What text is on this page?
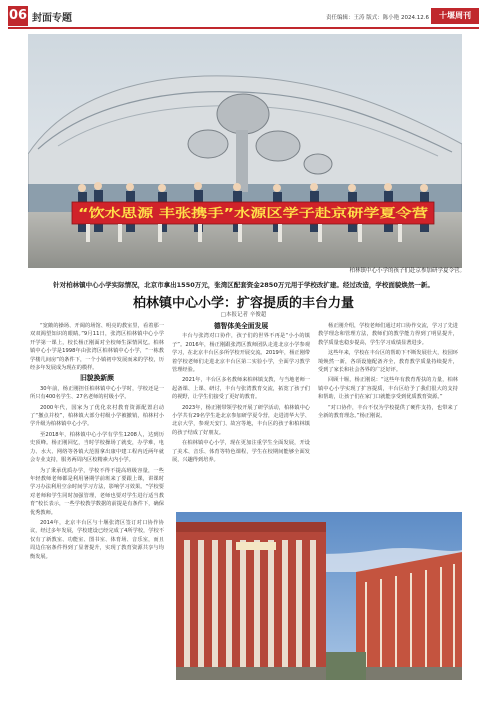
06 封面专题	责任编辑：王涛 版式：陈小艳 2024.12.6	十堰周刊
“饮水思源 丰张携手”水源区学子赴京研学夏令营
柏林镇中心小学的孩子们赴京参加研学夏令营。
针对柏林镇中心小学实际情况，北京市拿出1550万元，张湾区配套资金2850万元用于学校改扩建。经过改造，学校面貌焕然一新。
柏林镇中心小学：扩容提质的丰台力量
□本报记者 辛俊超

“宽敞的操场、开阔的场馆、明亮的教室里，看着那一双双渴望知识的眼睛。”9月11日，张湾区柏林镇中心小学开学第一课上，校长杨正刚面对全校师生深情回忆。柏林镇中心小学是1998年由张湾区柏林镇中心小学，“一栋教学楼几间房”的条件下，一个小镇初中发展而来的学校，历经多年发展成为现在的模样。

旧貌换新颜

30年前，杨正刚担任柏林镇中心小学时，学校还是一所只有400名学生、27名老师的村级小学。

2000年代，国家为了优化农村教育资源配置启动了“撤点并校”，柏林镇大部分村级小学被撤销，柏林村小学升级为柏林镇中心小学。

至2018年，柏林镇中心小学有学生1208人，达到历史顶峰。杨正刚回忆，当时学校操场了就变，办学难，电力、水大、网络等各镇大范围拿出康中建工程内近两年就会专业支持，服务两周内区校精素大内小学。

为了秉承优质办学，学校不得不提高班级容量，一些年轻教师老师都是利用暑期学前班来了要跟上课，讲课时学习办法利用空余时间学习方法，影响学习效果。“学校要对老师和学生同时加强管理，老师也要对学生进行适当教育”校长表示，一些学校教学数据的前提是有条件下，确保优秀教师。

2014年，北京丰台区与十堰张湾区签订对口协作协议，经过多年发展，学校建设已经完成了4所学校，学校不仅有了新教室、功能室、图书室、体育场、音乐室，而且周边住宿条件得到了显著提升，实现了教育资源共享与均衡发展。

德智体美全面发展

丰台与张湾对口协作，孩子们的世界不再是“小小的镇子”。2016年，杨正刚跟张湾区教师团队走进北京小学参观学习，在北京丰台区多所学校开展交流。2019年，杨正刚带着学校老师们走进北京丰台区第二实验小学，全面学习教学管理经验。

2021年，丰台区多名教师来柏林镇支教，与当地老师一起备课、上课、研讨，丰台与张湾教育交流，拓宽了孩子们的视野，让学生们接受了更好的教育。

2023年，杨正刚带领学校开展了研学活动，柏林镇中心小学共有29名学生赴北京参加研学夏令营，走进清华大学、北京大学，参观天安门、故宫等地，丰台区的孩子和柏林镇的孩子结成了好朋友。

在柏林镇中心小学，现在更加注重学生全面发展，开设了美术、音乐、体育等特色课程，学生在校期间能够全面发展，兴趣得到培养。

杨正刚介绍，学校老师们通过对口协作交流，学习了先进教学理念和管理方法，教师们的教学能力得到了明显提升，教学质量也稳步提高，学生学习成绩显著进步。

这些年来，学校在丰台区的帮助下不断发展壮大，校园环境焕然一新，各项设施配备齐全，教育教学质量持续提升，受到了家长和社会各界的广泛好评。

回顾十堰，杨正刚说：“这些年有教育帮扶的力量，柏林镇中心小学实现了扩容提质，丰台区给予了我们很大的支持和帮助，让孩子们在家门口就能享受到优质教育资源。”

“对口协作，丰台不仅为学校提供了硬件支持，也带来了全新的教育理念。”杨正刚说。
